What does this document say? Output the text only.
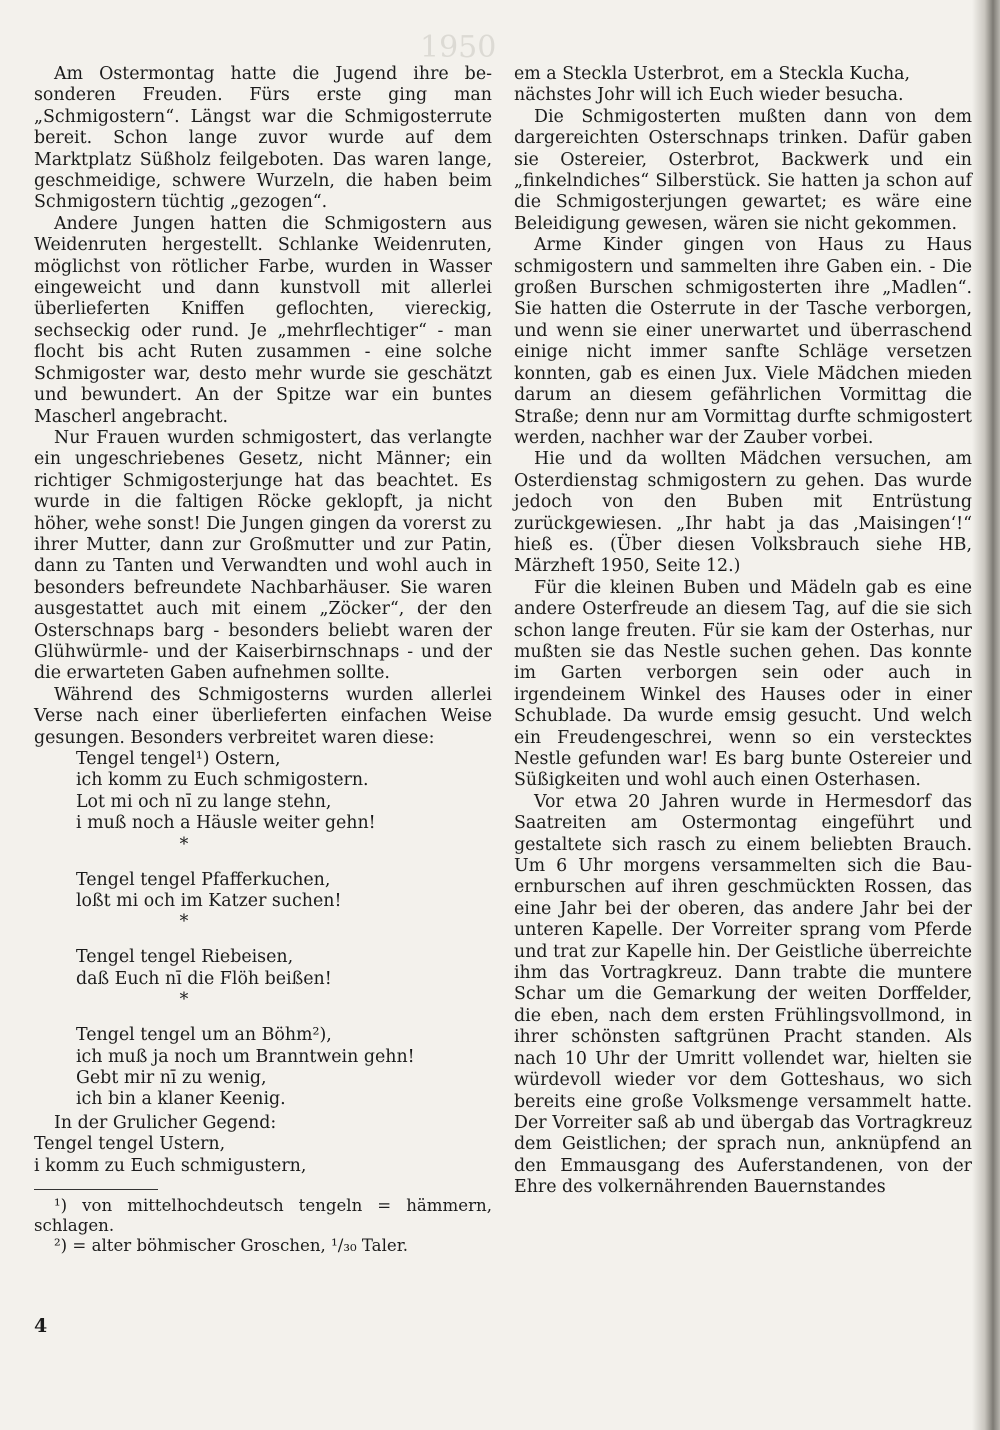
1950

Am Ostermontag hatte die Jugend ihre besonderen Freuden. Fürs erste ging man „Schmigostern“. Längst war die Schmigosterrute bereit. Schon lange zuvor wurde auf dem Marktplatz Süßholz feilgeboten. Das waren lange, geschmeidige, schwere Wurzeln, die haben beim Schmigostern tüchtig „gezogen“.

Andere Jungen hatten die Schmigostern aus Weidenruten hergestellt. Schlanke Weidenruten, möglichst von rötlicher Farbe, wurden in Wasser eingeweicht und dann kunstvoll mit allerlei überlieferten Kniffen geflochten, viereckig, sechseckig oder rund. Je „mehrflechtiger“ - man flocht bis acht Ruten zusammen - eine solche Schmigoster war, desto mehr wurde sie geschätzt und bewundert. An der Spitze war ein buntes Mascherl angebracht.

Nur Frauen wurden schmigostert, das verlangte ein ungeschriebenes Gesetz, nicht Männer; ein richtiger Schmigosterjunge hat das beachtet. Es wurde in die faltigen Röcke geklopft, ja nicht höher, wehe sonst! Die Jungen gingen da vorerst zu ihrer Mutter, dann zur Großmutter und zur Patin, dann zu Tanten und Verwandten und wohl auch in besonders befreundete Nachbarhäuser. Sie waren ausgestattet auch mit einem „Zöcker“, der den Osterschnaps barg - besonders beliebt waren der Glühwürmle- und der Kaiserbirnschnaps - und der die erwarteten Gaben aufnehmen sollte.

Während des Schmigosterns wurden allerlei Verse nach einer überlieferten einfachen Weise gesungen. Besonders verbreitet waren diese:

Tengel tengel¹) Ostern,
ich komm zu Euch schmigostern.
Lot mi och nī zu lange stehn,
i muß noch a Häusle weiter gehn!
*
Tengel tengel Pfafferkuchen,
loßt mi och im Katzer suchen!
*
Tengel tengel Riebeisen,
daß Euch nī die Flöh beißen!
*
Tengel tengel um an Böhm²),
ich muß ja noch um Branntwein gehn!
Gebt mir nī zu wenig,
ich bin a klaner Keenig.
In der Grulicher Gegend:
Tengel tengel Ustern,
i komm zu Euch schmigustern,
¹) von mittelhochdeutsch tengeln = hämmern, schlagen.
²) = alter böhmischer Groschen, ¹/₃₀ Taler.
em a Steckla Usterbrot, em a Steckla Kucha,
nächstes Johr will ich Euch wieder besucha.

Die Schmigosterten mußten dann von dem dargereichten Osterschnaps trinken. Dafür gaben sie Ostereier, Osterbrot, Backwerk und ein „finkelndiches“ Silberstück. Sie hatten ja schon auf die Schmigosterjungen gewartet; es wäre eine Beleidigung gewesen, wären sie nicht gekommen.

Arme Kinder gingen von Haus zu Haus schmigostern und sammelten ihre Gaben ein. - Die großen Burschen schmigosterten ihre „Madlen“. Sie hatten die Osterrute in der Tasche verborgen, und wenn sie einer unerwartet und überraschend einige nicht immer sanfte Schläge versetzen konnten, gab es einen Jux. Viele Mädchen mieden darum an diesem gefährlichen Vormittag die Straße; denn nur am Vormittag durfte schmigostert werden, nachher war der Zauber vorbei.

Hie und da wollten Mädchen versuchen, am Osterdienstag schmigostern zu gehen. Das wurde jedoch von den Buben mit Entrüstung zurückgewiesen. „Ihr habt ja das ‚Maisingen‘!“ hieß es. (Über diesen Volksbrauch siehe HB, Märzheft 1950, Seite 12.)

Für die kleinen Buben und Mädeln gab es eine andere Osterfreude an diesem Tag, auf die sie sich schon lange freuten. Für sie kam der Osterhas, nur mußten sie das Nestle suchen gehen. Das konnte im Garten verborgen sein oder auch in irgendeinem Winkel des Hauses oder in einer Schublade. Da wurde emsig gesucht. Und welch ein Freudengeschrei, wenn so ein verstecktes Nestle gefunden war! Es barg bunte Ostereier und Süßigkeiten und wohl auch einen Osterhasen.

Vor etwa 20 Jahren wurde in Hermesdorf das Saatreiten am Ostermontag eingeführt und gestaltete sich rasch zu einem beliebten Brauch. Um 6 Uhr morgens versammelten sich die Bauernburschen auf ihren geschmückten Rossen, das eine Jahr bei der oberen, das andere Jahr bei der unteren Kapelle. Der Vorreiter sprang vom Pferde und trat zur Kapelle hin. Der Geistliche überreichte ihm das Vortragkreuz. Dann trabte die muntere Schar um die Gemarkung der weiten Dorffelder, die eben, nach dem ersten Frühlingsvollmond, in ihrer schönsten saftgrünen Pracht standen. Als nach 10 Uhr der Umritt vollendet war, hielten sie würdevoll wieder vor dem Gotteshaus, wo sich bereits eine große Volksmenge versammelt hatte. Der Vorreiter saß ab und übergab das Vortragkreuz dem Geistlichen; der sprach nun, anknüpfend an den Emmausgang des Auferstandenen, von der Ehre des volkernährenden Bauernstandes

4
